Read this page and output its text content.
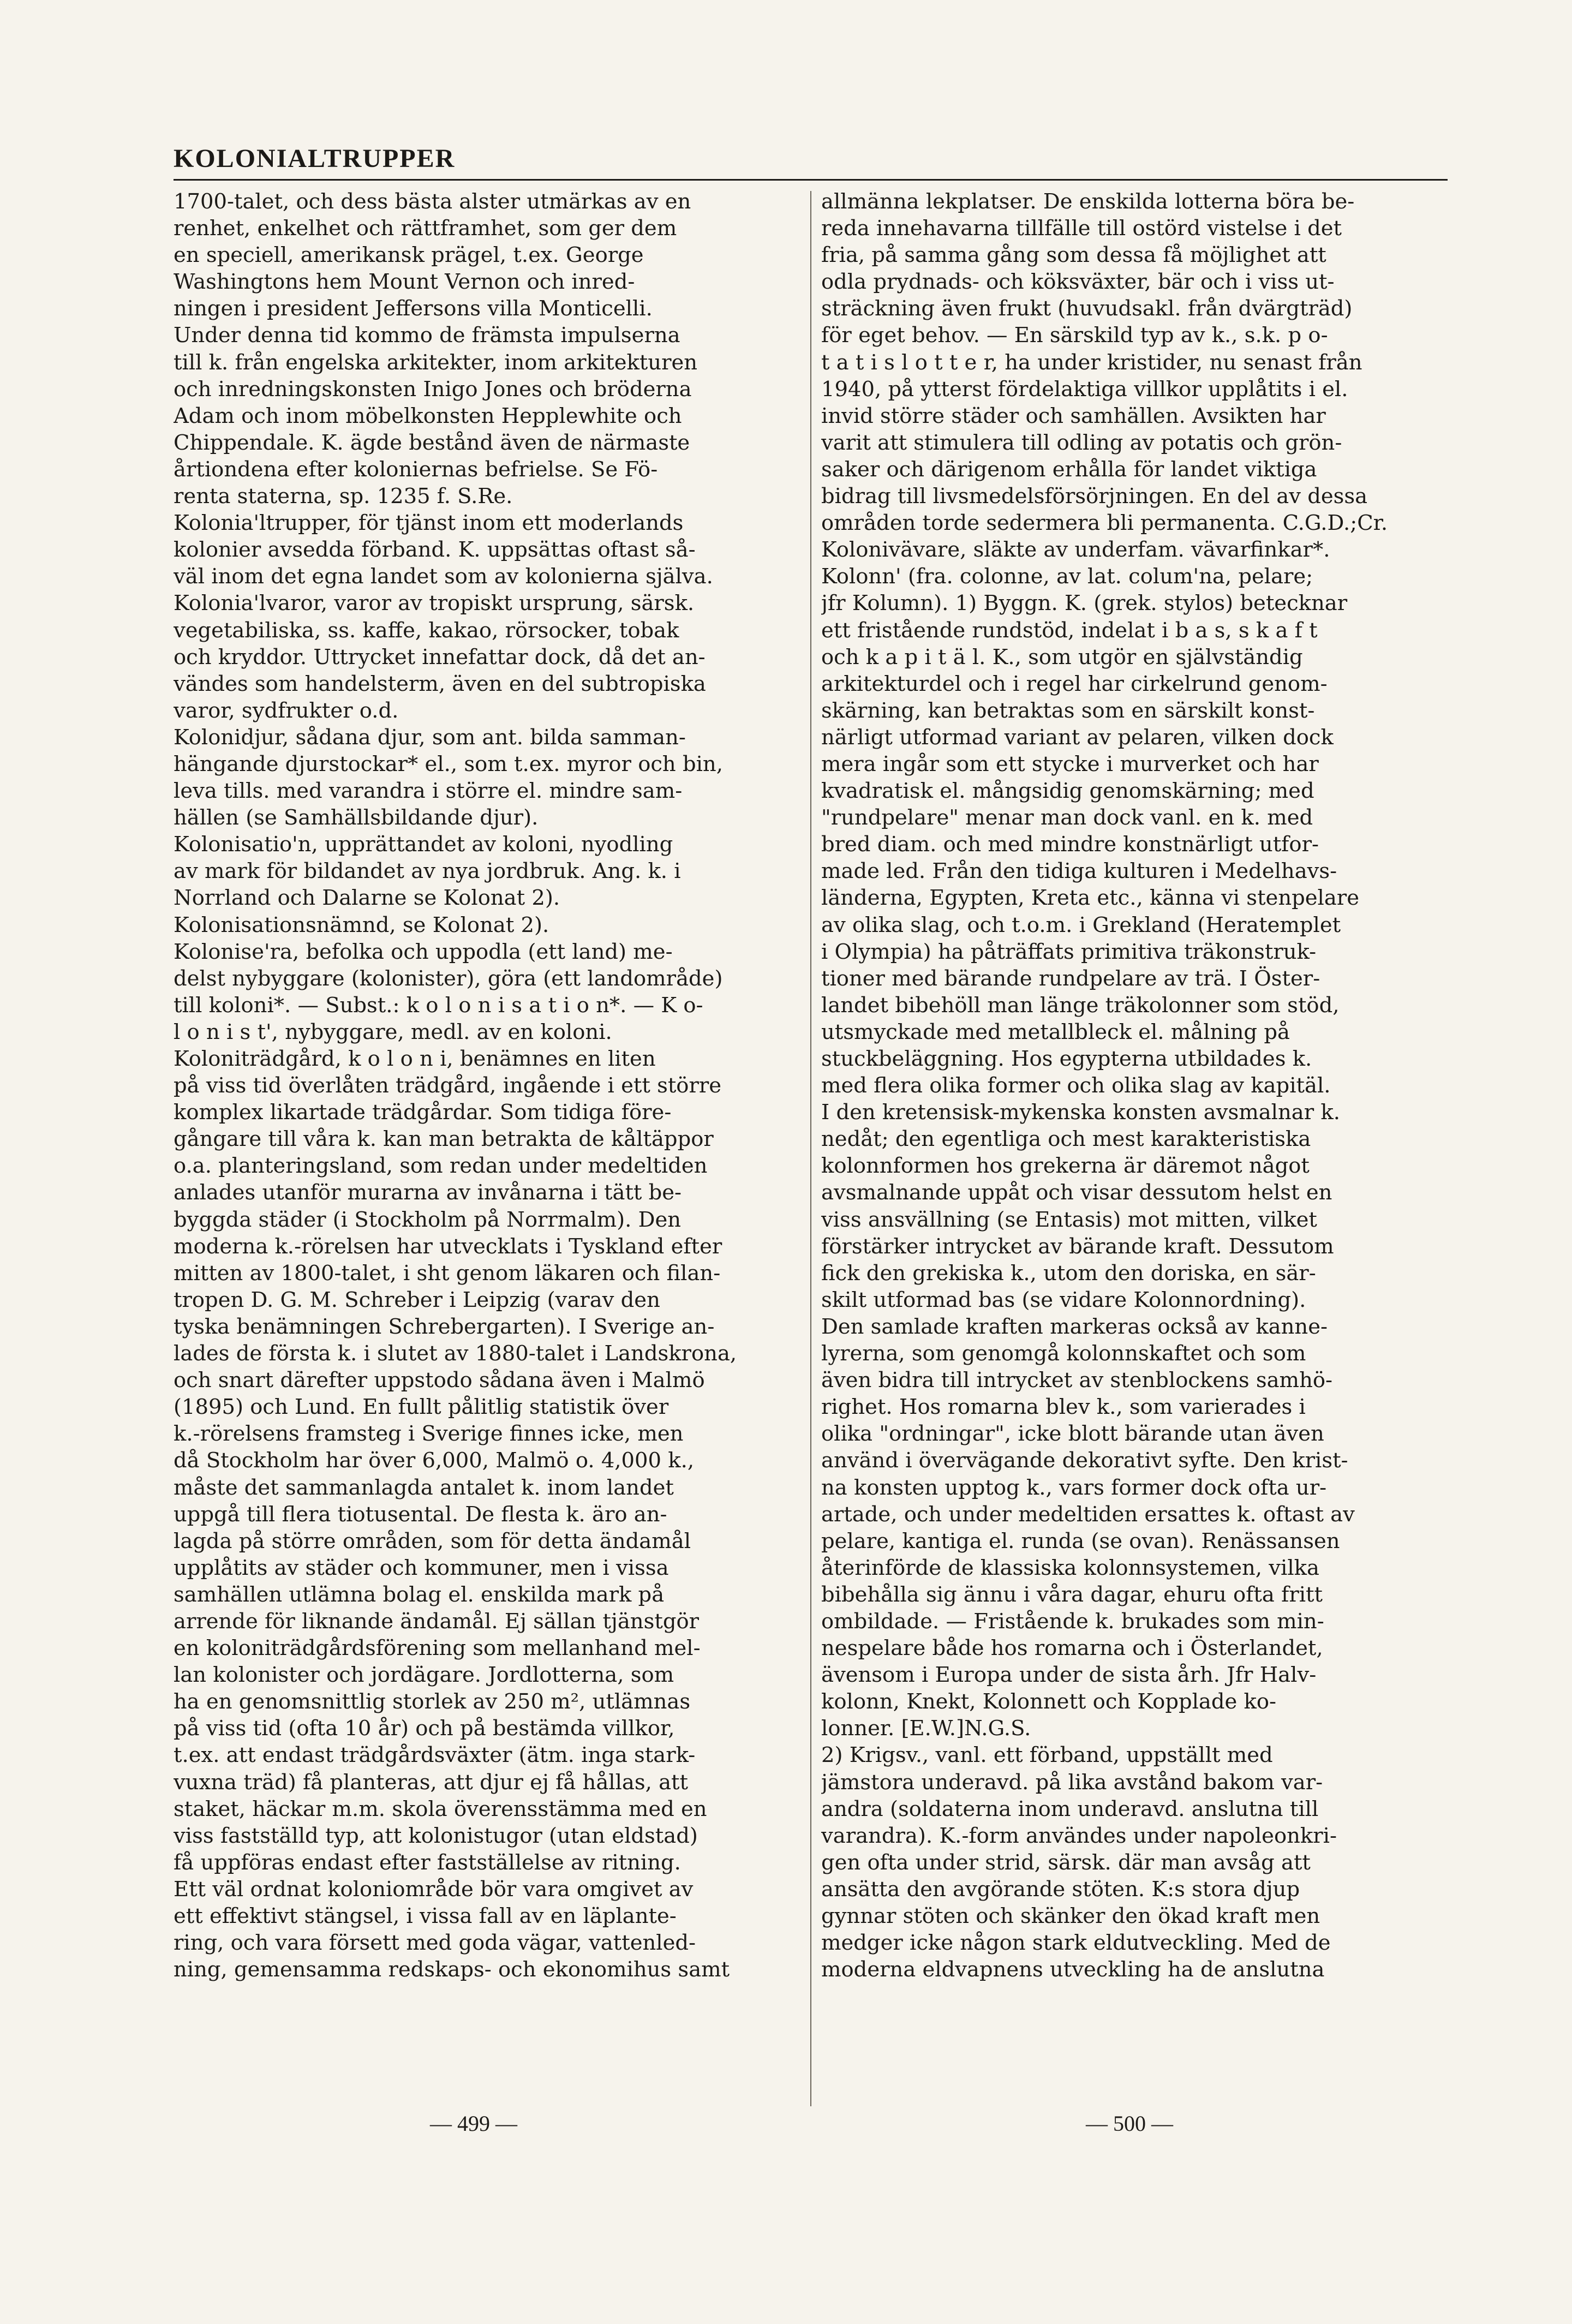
KOLONIALTRUPPER
1700-talet, och dess bästa alster utmärkas av en
renhet, enkelhet och rättframhet, som ger dem
en speciell, amerikansk prägel, t.ex. George
Washingtons hem Mount Vernon och inred-
ningen i president Jeffersons villa Monticelli.
Under denna tid kommo de främsta impulserna
till k. från engelska arkitekter, inom arkitekturen
och inredningskonsten Inigo Jones och bröderna
Adam och inom möbelkonsten Hepplewhite och
Chippendale. K. ägde bestånd även de närmaste
årtiondena efter koloniernas befrielse. Se Fö-
renta staterna, sp. 1235 f. S.Re.
Kolonia'ltrupper, för tjänst inom ett moderlands
kolonier avsedda förband. K. uppsättas oftast så-
väl inom det egna landet som av kolonierna själva.
Kolonia'lvaror, varor av tropiskt ursprung, särsk.
vegetabiliska, ss. kaffe, kakao, rörsocker, tobak
och kryddor. Uttrycket innefattar dock, då det an-
vändes som handelsterm, även en del subtropiska
varor, sydfrukter o.d.
Kolonidjur, sådana djur, som ant. bilda samman-
hängande djurstockar* el., som t.ex. myror och bin,
leva tills. med varandra i större el. mindre sam-
hällen (se Samhällsbildande djur).
Kolonisatio'n, upprättandet av koloni, nyodling
av mark för bildandet av nya jordbruk. Ang. k. i
Norrland och Dalarne se Kolonat 2).
Kolonisationsnämnd, se Kolonat 2).
Kolonise'ra, befolka och uppodla (ett land) me-
delst nybyggare (kolonister), göra (ett landområde)
till koloni*. — Subst.: k o l o n i s a t i o n*. — K o-
l o n i s t', nybyggare, medl. av en koloni.
Koloniträdgård, k o l o n i, benämnes en liten
på viss tid överlåten trädgård, ingående i ett större
komplex likartade trädgårdar. Som tidiga före-
gångare till våra k. kan man betrakta de kåltäppor
o.a. planteringsland, som redan under medeltiden
anlades utanför murarna av invånarna i tätt be-
byggda städer (i Stockholm på Norrmalm). Den
moderna k.-rörelsen har utvecklats i Tyskland efter
mitten av 1800-talet, i sht genom läkaren och filan-
tropen D. G. M. Schreber i Leipzig (varav den
tyska benämningen Schrebergarten). I Sverige an-
lades de första k. i slutet av 1880-talet i Landskrona,
och snart därefter uppstodo sådana även i Malmö
(1895) och Lund. En fullt pålitlig statistik över
k.-rörelsens framsteg i Sverige finnes icke, men
då Stockholm har över 6,000, Malmö o. 4,000 k.,
måste det sammanlagda antalet k. inom landet
uppgå till flera tiotusental. De flesta k. äro an-
lagda på större områden, som för detta ändamål
upplåtits av städer och kommuner, men i vissa
samhällen utlämna bolag el. enskilda mark på
arrende för liknande ändamål. Ej sällan tjänstgör
en koloniträdgårdsförening som mellanhand mel-
lan kolonister och jordägare. Jordlotterna, som
ha en genomsnittlig storlek av 250 m², utlämnas
på viss tid (ofta 10 år) och på bestämda villkor,
t.ex. att endast trädgårdsväxter (ätm. inga stark-
vuxna träd) få planteras, att djur ej få hållas, att
staket, häckar m.m. skola överensstämma med en
viss fastställd typ, att kolonistugor (utan eldstad)
få uppföras endast efter fastställelse av ritning.
Ett väl ordnat koloniområde bör vara omgivet av
ett effektivt stängsel, i vissa fall av en läplante-
ring, och vara försett med goda vägar, vattenled-
ning, gemensamma redskaps- och ekonomihus samt
allmänna lekplatser. De enskilda lotterna böra be-
reda innehavarna tillfälle till ostörd vistelse i det
fria, på samma gång som dessa få möjlighet att
odla prydnads- och köksväxter, bär och i viss ut-
sträckning även frukt (huvudsakl. från dvärgträd)
för eget behov. — En särskild typ av k., s.k. p o-
t a t i s l o t t e r, ha under kristider, nu senast från
1940, på ytterst fördelaktiga villkor upplåtits i el.
invid större städer och samhällen. Avsikten har
varit att stimulera till odling av potatis och grön-
saker och därigenom erhålla för landet viktiga
bidrag till livsmedelsförsörjningen. En del av dessa
områden torde sedermera bli permanenta. C.G.D.;Cr.
Kolonivävare, släkte av underfam. vävarfinkar*.
Kolonn' (fra. colonne, av lat. colum'na, pelare;
jfr Kolumn). 1) Byggn. K. (grek. stylos) betecknar
ett fristående rundstöd, indelat i b a s, s k a f t
och k a p i t ä l. K., som utgör en självständig
arkitekturdel och i regel har cirkelrund genom-
skärning, kan betraktas som en särskilt konst-
närligt utformad variant av pelaren, vilken dock
mera ingår som ett stycke i murverket och har
kvadratisk el. mångsidig genomskärning; med
"rundpelare" menar man dock vanl. en k. med
bred diam. och med mindre konstnärligt utfor-
made led. Från den tidiga kulturen i Medelhavs-
länderna, Egypten, Kreta etc., känna vi stenpelare
av olika slag, och t.o.m. i Grekland (Heratemplet
i Olympia) ha påträffats primitiva träkonstruk-
tioner med bärande rundpelare av trä. I Öster-
landet bibehöll man länge träkolonner som stöd,
utsmyckade med metallbleck el. målning på
stuckbeläggning. Hos egypterna utbildades k.
med flera olika former och olika slag av kapitäl.
I den kretensisk-mykenska konsten avsmalnar k.
nedåt; den egentliga och mest karakteristiska
kolonnformen hos grekerna är däremot något
avsmalnande uppåt och visar dessutom helst en
viss ansvällning (se Entasis) mot mitten, vilket
förstärker intrycket av bärande kraft. Dessutom
fick den grekiska k., utom den doriska, en sär-
skilt utformad bas (se vidare Kolonnordning).
Den samlade kraften markeras också av kanne-
lyrerna, som genomgå kolonnskaftet och som
även bidra till intrycket av stenblockens samhö-
righet. Hos romarna blev k., som varierades i
olika "ordningar", icke blott bärande utan även
använd i övervägande dekorativt syfte. Den krist-
na konsten upptog k., vars former dock ofta ur-
artade, och under medeltiden ersattes k. oftast av
pelare, kantiga el. runda (se ovan). Renässansen
återinförde de klassiska kolonnsystemen, vilka
bibehålla sig ännu i våra dagar, ehuru ofta fritt
ombildade. — Fristående k. brukades som min-
nespelare både hos romarna och i Österlandet,
ävensom i Europa under de sista årh. Jfr Halv-
kolonn, Knekt, Kolonnett och Kopplade ko-
lonner. [E.W.]N.G.S.
2) Krigsv., vanl. ett förband, uppställt med
jämstora underavd. på lika avstånd bakom var-
andra (soldaterna inom underavd. anslutna till
varandra). K.-form användes under napoleonkri-
gen ofta under strid, särsk. där man avsåg att
ansätta den avgörande stöten. K:s stora djup
gynnar stöten och skänker den ökad kraft men
medger icke någon stark eldutveckling. Med de
moderna eldvapnens utveckling ha de anslutna
— 499 —	— 500 —
